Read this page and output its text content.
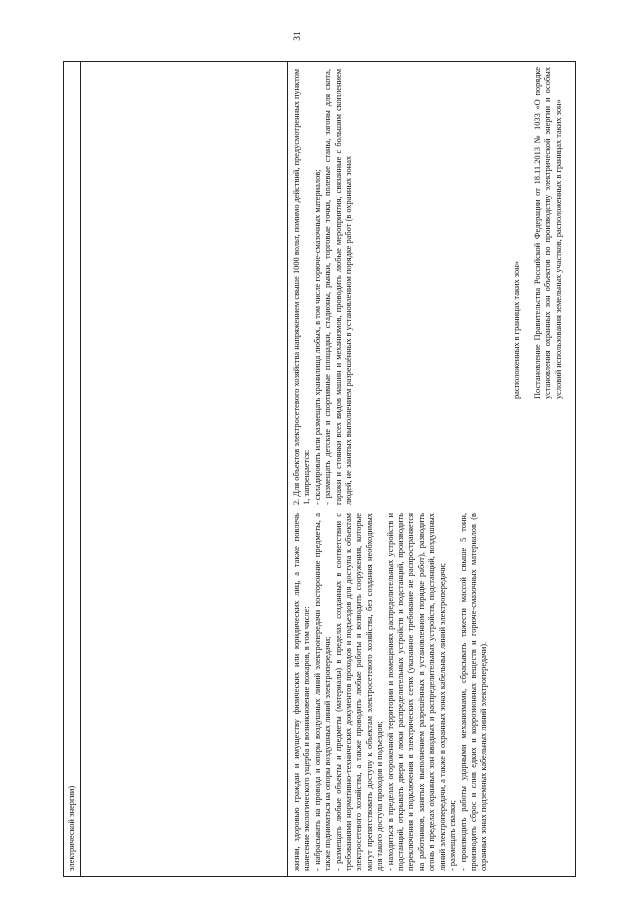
31

электрической энергии)	жизни, здоровью граждан и имуществу физических или юридических лиц, а также повлечь нанесение экологического ущерба и возникновение пожаров, в том числе: - набрасывать на провода и опоры воздушных линий электропередачи посторонние предметы, а также подниматься на опоры воздушных линий электропередачи; - размещать любые объекты и предметы (материалы) в пределах созданных в соответствии с требованиями нормативно-технических документов проходов и подъездов для доступа к объектам электросетевого хозяйства, а также проводить любые работы и возводить сооружения, которые могут препятствовать доступу к объектам электросетевого хозяйства, без создания необходимых для такого доступа проходов и подъездов; - находиться в пределах огороженной территории и помещениях распределительных устройств и подстанций, открывать двери и люки распределительных устройств и подстанций, производить переключения и подключения в электрических сетях (указанное требование не распространяется на работников, занятых выполнением разрешённых в установленном порядке работ), разводить огонь в пределах охранных зон вводных и распределительных устройств, подстанций, воздушных линий электропередачи, а также в охранных зонах кабельных линий электропередачи; - размещать свалки; - производить работы ударными механизмами, сбрасывать тяжести массой свыше 5 тонн, производить сброс и слив едких и коррозионных веществ и горюче-смазочных материалов (в охранных зонах подземных кабельных линий электропередачи).

2. Для объектов электросетевого хозяйства напряжением свыше 1000 вольт, помимо действий, предусмотренных пунктом 1, запрещается: - складировать или размещать хранилища любых, в том числе горюче-смазочных материалов; - размещать детские и спортивные площадки, стадионы, рынки, торговые точки, полевые станы, загоны для скота, гаражи и стоянки всех видов машин и механизмов, проводить любые мероприятия, связанные с большим скоплением людей, не занятых выполнением разрешённых в установленном порядке работ (в охранных зонах	расположенных в границах таких зон» Постановление Правительства Российской Федерации от 18.11.2013 № 1033 «О порядке установления охранных зон объектов по производству электрической энергии и особых условий использования земельных участков, расположенных в границах таких зон»
